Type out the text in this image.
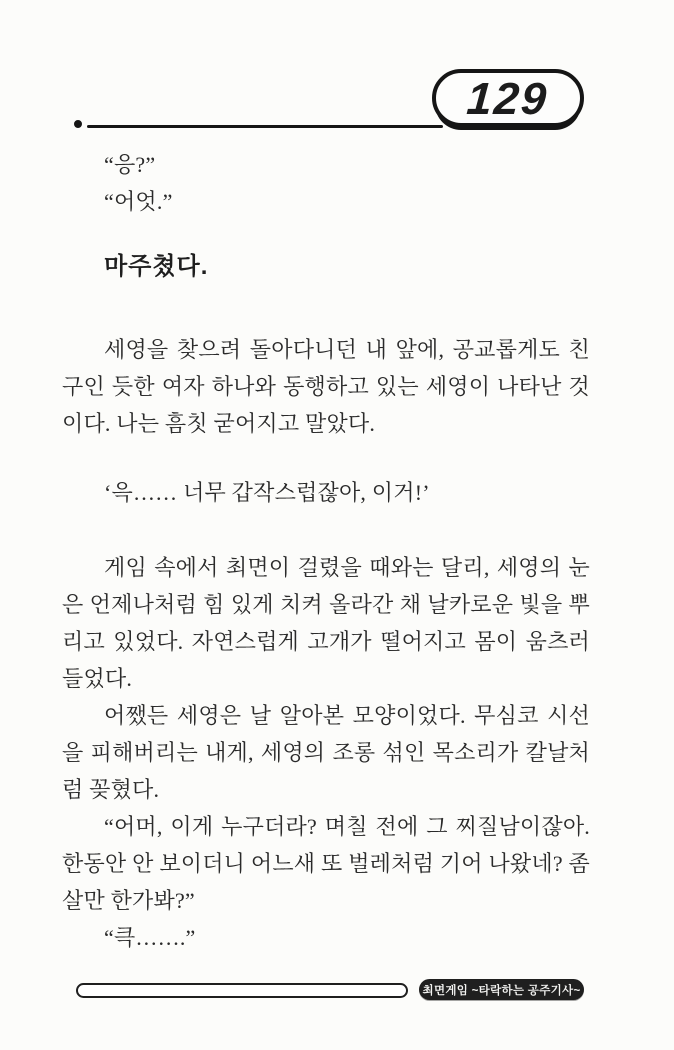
129

“응?”

“어엇.”

마주쳤다.

세영을 찾으려 돌아다니던 내 앞에, 공교롭게도 친구인 듯한 여자 하나와 동행하고 있는 세영이 나타난 것이다. 나는 흠칫 굳어지고 말았다.

‘윽…… 너무 갑작스럽잖아, 이거!’

게임 속에서 최면이 걸렸을 때와는 달리, 세영의 눈은 언제나처럼 힘 있게 치켜 올라간 채 날카로운 빛을 뿌리고 있었다. 자연스럽게 고개가 떨어지고 몸이 움츠러들었다.

어쨌든 세영은 날 알아본 모양이었다. 무심코 시선을 피해버리는 내게, 세영의 조롱 섞인 목소리가 칼날처럼 꽂혔다.

“어머, 이게 누구더라? 며칠 전에 그 찌질남이잖아. 한동안 안 보이더니 어느새 또 벌레처럼 기어 나왔네? 좀 살만 한가봐?”

“큭…….”

최면게임 ~타락하는 공주기사~
